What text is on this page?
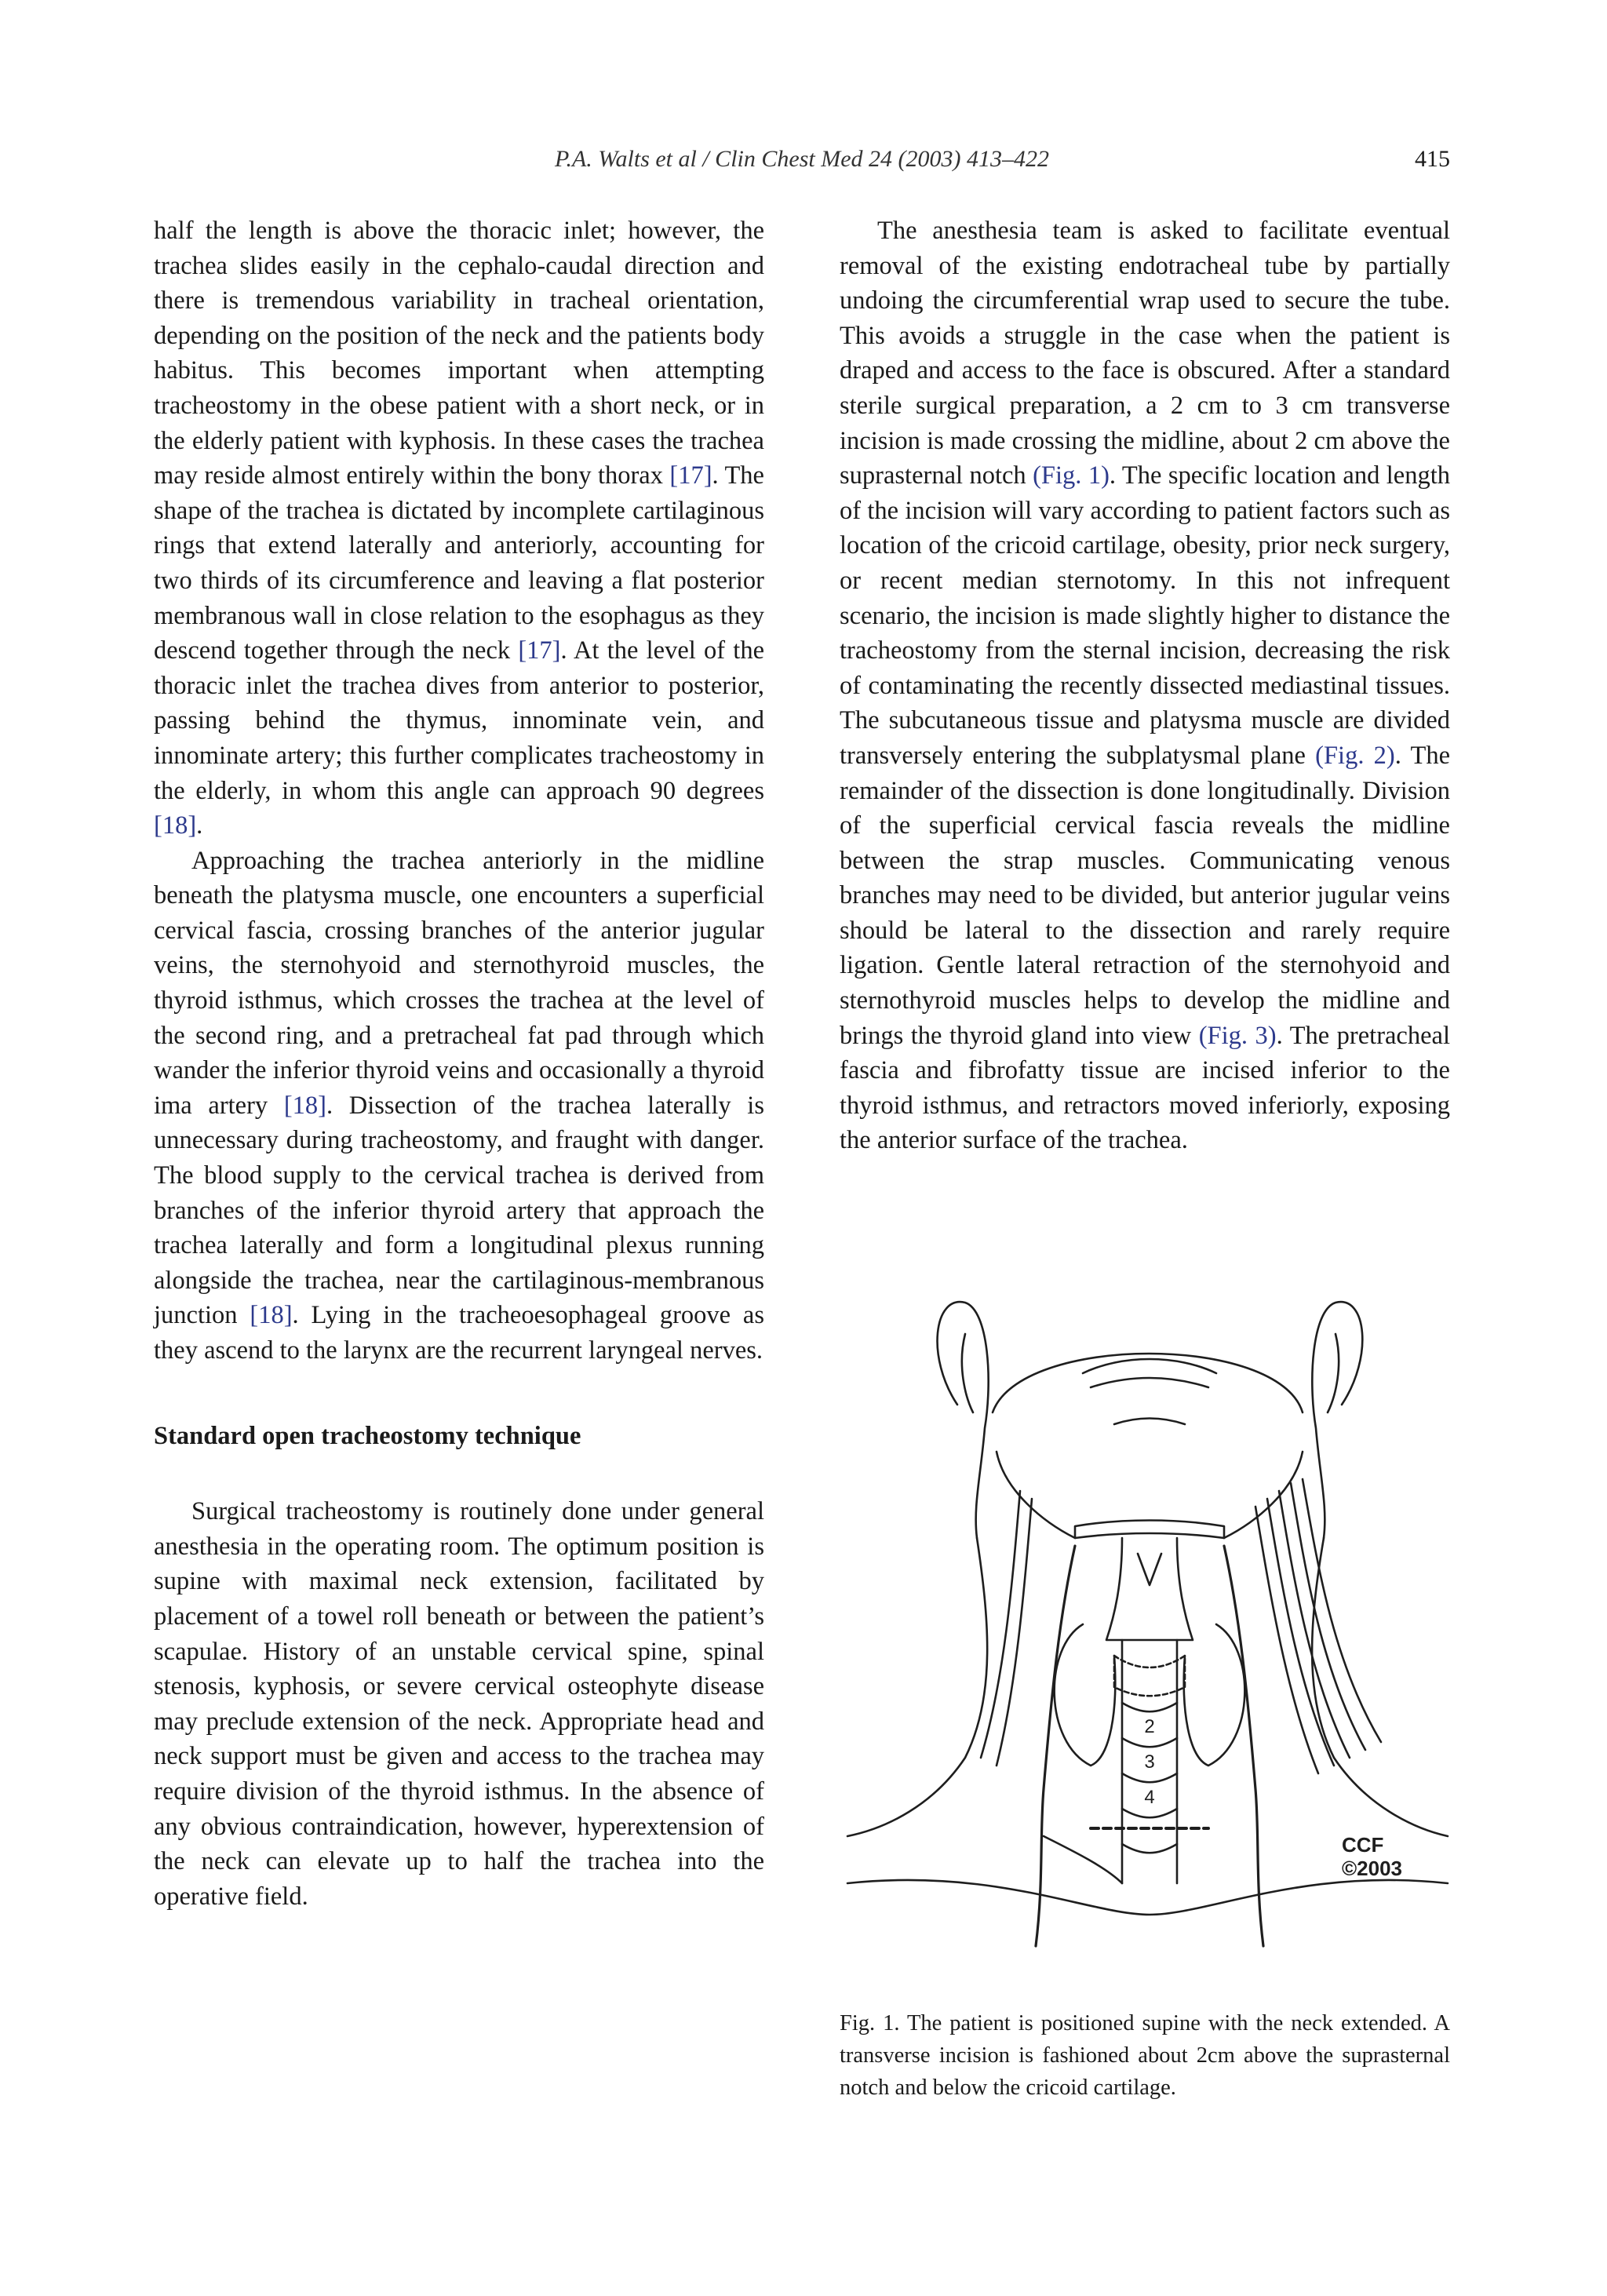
P.A. Walts et al / Clin Chest Med 24 (2003) 413–422	415

half the length is above the thoracic inlet; however, the trachea slides easily in the cephalo-caudal direction and there is tremendous variability in tracheal orientation, depending on the position of the neck and the patients body habitus. This becomes important when attempting tracheostomy in the obese patient with a short neck, or in the elderly patient with kyphosis. In these cases the trachea may reside almost entirely within the bony thorax [17]. The shape of the trachea is dictated by incomplete cartilaginous rings that extend laterally and anteriorly, accounting for two thirds of its circumference and leaving a flat posterior membranous wall in close relation to the esophagus as they descend together through the neck [17]. At the level of the thoracic inlet the trachea dives from anterior to posterior, passing behind the thymus, innominate vein, and innominate artery; this further complicates tracheostomy in the elderly, in whom this angle can approach 90 degrees [18].

Approaching the trachea anteriorly in the midline beneath the platysma muscle, one encounters a superficial cervical fascia, crossing branches of the anterior jugular veins, the sternohyoid and sternothyroid muscles, the thyroid isthmus, which crosses the trachea at the level of the second ring, and a pretracheal fat pad through which wander the inferior thyroid veins and occasionally a thyroid ima artery [18]. Dissection of the trachea laterally is unnecessary during tracheostomy, and fraught with danger. The blood supply to the cervical trachea is derived from branches of the inferior thyroid artery that approach the trachea laterally and form a longitudinal plexus running alongside the trachea, near the cartilaginous-membranous junction [18]. Lying in the tracheoesophageal groove as they ascend to the larynx are the recurrent laryngeal nerves.

Standard open tracheostomy technique

Surgical tracheostomy is routinely done under general anesthesia in the operating room. The optimum position is supine with maximal neck extension, facilitated by placement of a towel roll beneath or between the patient’s scapulae. History of an unstable cervical spine, spinal stenosis, kyphosis, or severe cervical osteophyte disease may preclude extension of the neck. Appropriate head and neck support must be given and access to the trachea may require division of the thyroid isthmus. In the absence of any obvious contraindication, however, hyperextension of the neck can elevate up to half the trachea into the operative field.

The anesthesia team is asked to facilitate eventual removal of the existing endotracheal tube by partially undoing the circumferential wrap used to secure the tube. This avoids a struggle in the case when the patient is draped and access to the face is obscured. After a standard sterile surgical preparation, a 2 cm to 3 cm transverse incision is made crossing the midline, about 2 cm above the suprasternal notch (Fig. 1). The specific location and length of the incision will vary according to patient factors such as location of the cricoid cartilage, obesity, prior neck surgery, or recent median sternotomy. In this not infrequent scenario, the incision is made slightly higher to distance the tracheostomy from the sternal incision, decreasing the risk of contaminating the recently dissected mediastinal tissues. The subcutaneous tissue and platysma muscle are divided transversely entering the subplatysmal plane (Fig. 2). The remainder of the dissection is done longitudinally. Division of the superficial cervical fascia reveals the midline between the strap muscles. Communicating venous branches may need to be divided, but anterior jugular veins should be lateral to the dissection and rarely require ligation. Gentle lateral retraction of the sternohyoid and sternothyroid muscles helps to develop the midline and brings the thyroid gland into view (Fig. 3). The pretracheal fascia and fibrofatty tissue are incised inferior to the thyroid isthmus, and retractors moved inferiorly, exposing the anterior surface of the trachea.

2
3
4
CCF
©2003
Fig. 1. The patient is positioned supine with the neck extended. A transverse incision is fashioned about 2cm above the suprasternal notch and below the cricoid cartilage.
